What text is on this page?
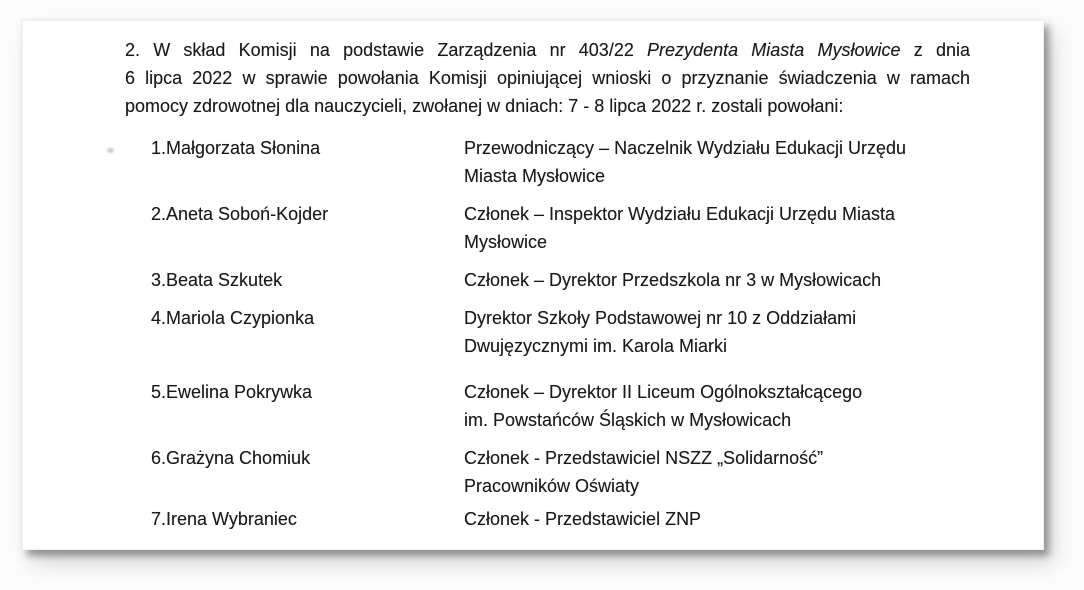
2. W skład Komisji na podstawie Zarządzenia nr 403/22 Prezydenta Miasta Mysłowice z dnia
6 lipca 2022 w sprawie powołania Komisji opiniującej wnioski o przyznanie świadczenia w ramach
pomocy zdrowotnej dla nauczycieli, zwołanej w dniach: 7 - 8 lipca 2022 r. zostali powołani:
1.Małgorzata Słonina	Przewodniczący – Naczelnik Wydziału Edukacji Urzędu
Miasta Mysłowice
2.Aneta Soboń-Kojder	Członek – Inspektor Wydziału Edukacji Urzędu Miasta
Mysłowice
3.Beata Szkutek	Członek – Dyrektor Przedszkola nr 3 w Mysłowicach
4.Mariola Czypionka	Dyrektor Szkoły Podstawowej nr 10 z Oddziałami
Dwujęzycznymi im. Karola Miarki
5.Ewelina Pokrywka	Członek – Dyrektor II Liceum Ogólnokształcącego
im. Powstańców Śląskich w Mysłowicach
6.Grażyna Chomiuk	Członek - Przedstawiciel NSZZ „Solidarność”
Pracowników Oświaty
7.Irena Wybraniec	Członek - Przedstawiciel ZNP
